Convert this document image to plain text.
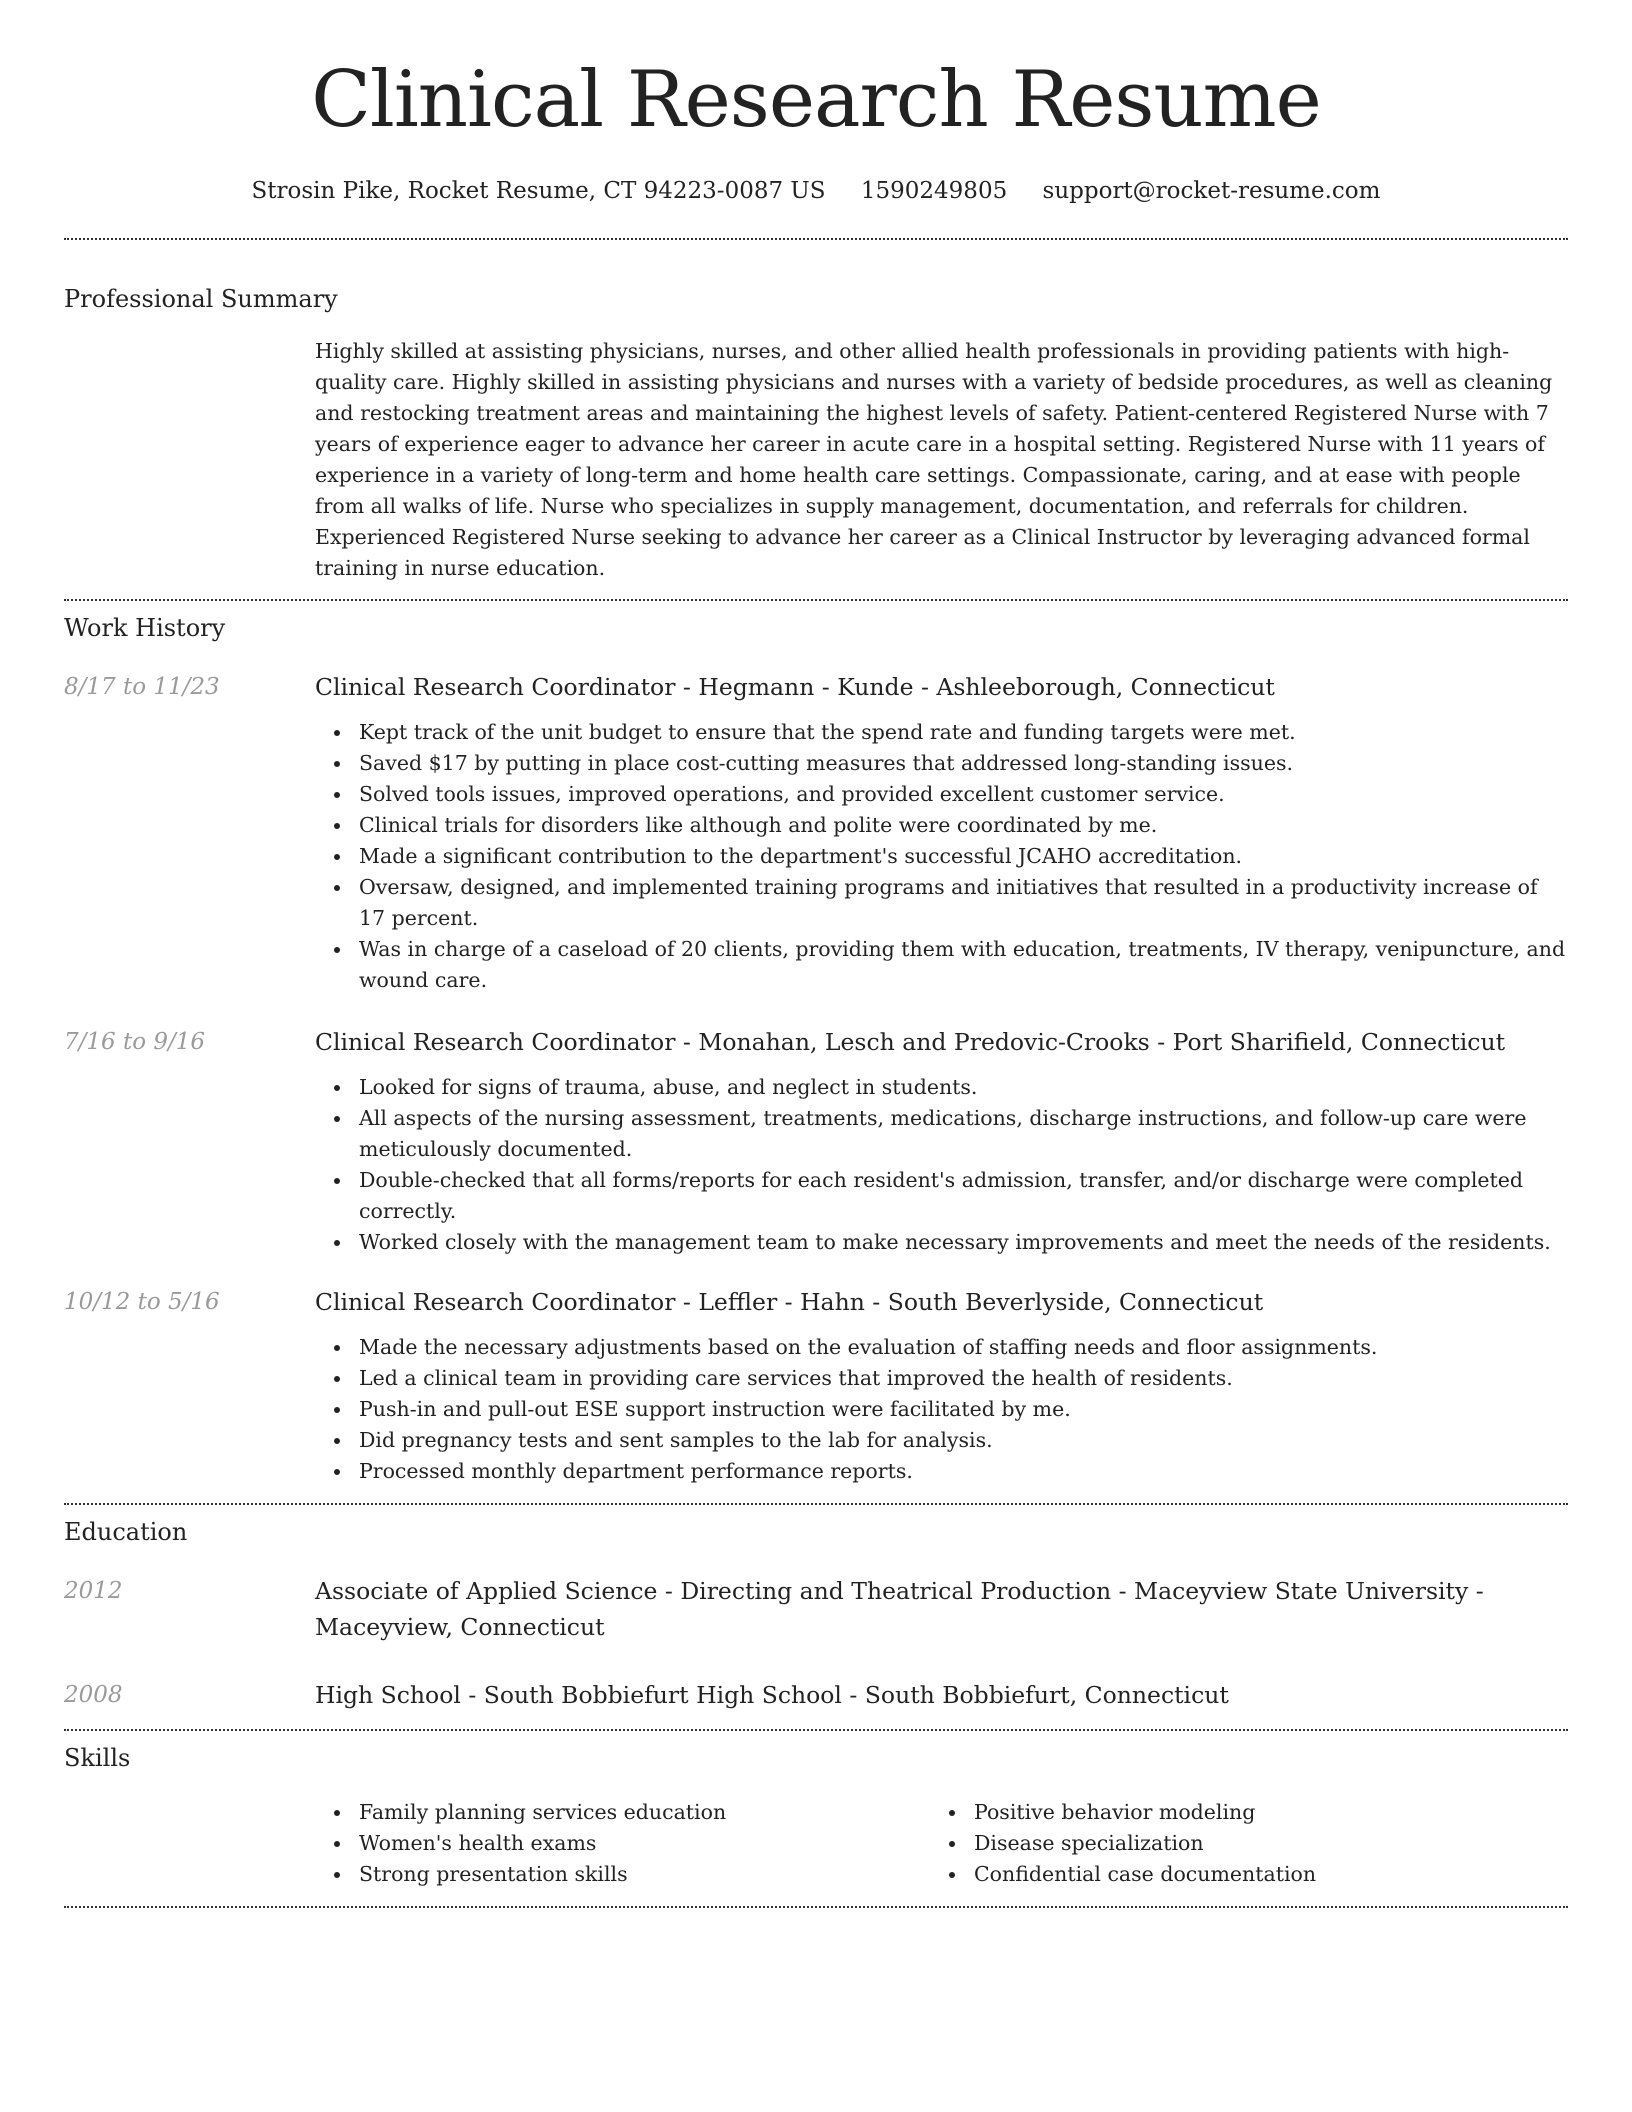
Clinical Research Resume
Strosin Pike, Rocket Resume, CT 94223-0087 US 1590249805 support@rocket-resume.com
Professional Summary
Highly skilled at assisting physicians, nurses, and other allied health professionals in providing patients with high-quality care. Highly skilled in assisting physicians and nurses with a variety of bedside procedures, as well as cleaning and restocking treatment areas and maintaining the highest levels of safety. Patient-centered Registered Nurse with 7 years of experience eager to advance her career in acute care in a hospital setting. Registered Nurse with 11 years of experience in a variety of long-term and home health care settings. Compassionate, caring, and at ease with people from all walks of life. Nurse who specializes in supply management, documentation, and referrals for children. Experienced Registered Nurse seeking to advance her career as a Clinical Instructor by leveraging advanced formal training in nurse education.
Work History
8/17 to 11/23	Clinical Research Coordinator - Hegmann - Kunde - Ashleeborough, Connecticut
Kept track of the unit budget to ensure that the spend rate and funding targets were met.
Saved $17 by putting in place cost-cutting measures that addressed long-standing issues.
Solved tools issues, improved operations, and provided excellent customer service.
Clinical trials for disorders like although and polite were coordinated by me.
Made a significant contribution to the department's successful JCAHO accreditation.
Oversaw, designed, and implemented training programs and initiatives that resulted in a productivity increase of 17 percent.
Was in charge of a caseload of 20 clients, providing them with education, treatments, IV therapy, venipuncture, and wound care.
7/16 to 9/16	Clinical Research Coordinator - Monahan, Lesch and Predovic-Crooks - Port Sharifield, Connecticut
Looked for signs of trauma, abuse, and neglect in students.
All aspects of the nursing assessment, treatments, medications, discharge instructions, and follow-up care were meticulously documented.
Double-checked that all forms/reports for each resident's admission, transfer, and/or discharge were completed correctly.
Worked closely with the management team to make necessary improvements and meet the needs of the residents.
10/12 to 5/16	Clinical Research Coordinator - Leffler - Hahn - South Beverlyside, Connecticut
Made the necessary adjustments based on the evaluation of staffing needs and floor assignments.
Led a clinical team in providing care services that improved the health of residents.
Push-in and pull-out ESE support instruction were facilitated by me.
Did pregnancy tests and sent samples to the lab for analysis.
Processed monthly department performance reports.
Education
2012	Associate of Applied Science - Directing and Theatrical Production - Maceyview State University - Maceyview, Connecticut
2008	High School - South Bobbiefurt High School - South Bobbiefurt, Connecticut
Skills
Family planning services education
Women's health exams
Strong presentation skills
Positive behavior modeling
Disease specialization
Confidential case documentation
